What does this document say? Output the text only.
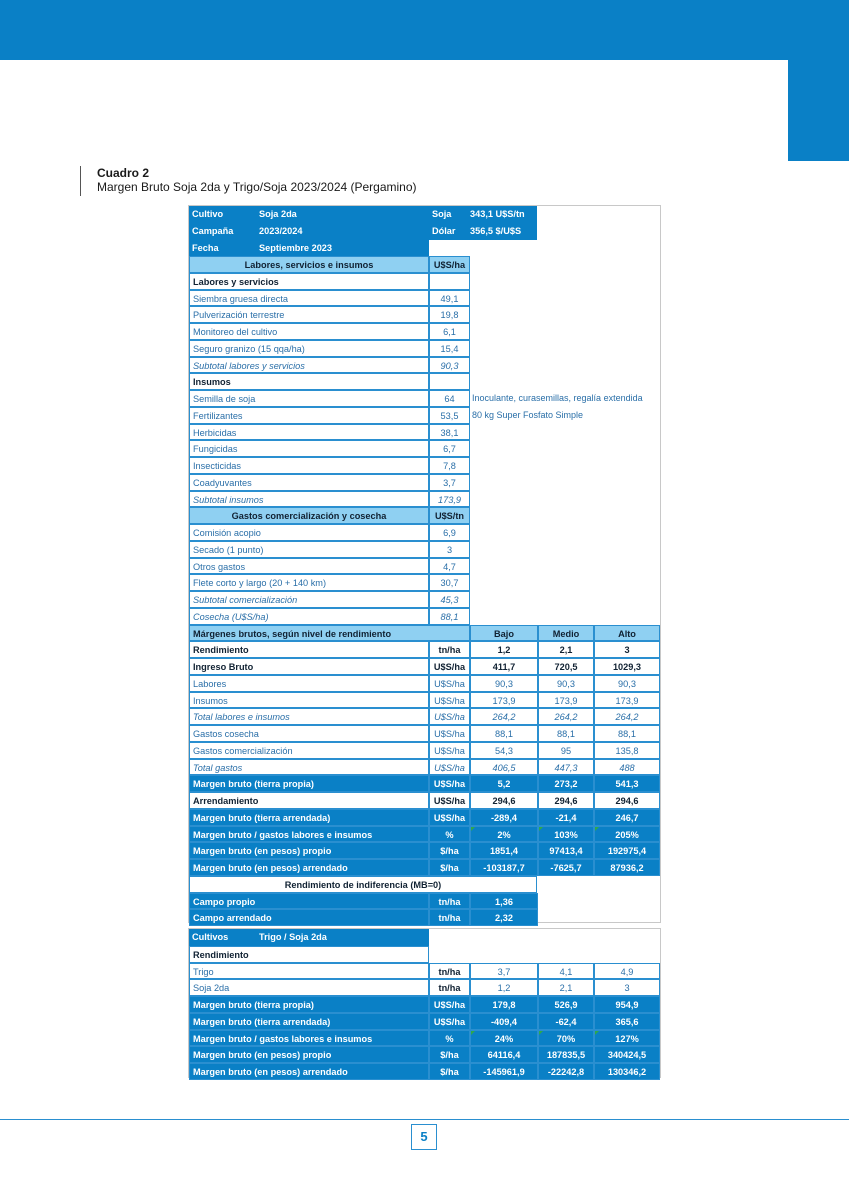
Cuadro 2
Margen Bruto Soja 2da y Trigo/Soja 2023/2024 (Pergamino)
Cultivo	Soja 2da	Soja	343,1 U$S/tn
Campaña	2023/2024	Dólar	356,5 $/U$S
Fecha	Septiembre 2023
Labores, servicios e insumos	U$S/ha
Labores y servicios
Siembra gruesa directa	49,1
Pulverización terrestre	19,8
Monitoreo del cultivo	6,1
Seguro granizo (15 qqa/ha)	15,4
Subtotal labores y servicios	90,3
Insumos
Semilla de soja	64	Inoculante, curasemillas, regalía extendida
Fertilizantes	53,5	80 kg Super Fosfato Simple
Herbicidas	38,1
Fungicidas	6,7
Insecticidas	7,8
Coadyuvantes	3,7
Subtotal insumos	173,9
Gastos comercialización y cosecha	U$S/tn
Comisión acopio	6,9
Secado (1 punto)	3
Otros gastos	4,7
Flete corto y largo (20 + 140 km)	30,7
Subtotal comercialización	45,3
Cosecha (U$S/ha)	88,1
Márgenes brutos, según nivel de rendimiento	Bajo	Medio	Alto
Rendimiento	tn/ha	1,2	2,1	3
Ingreso Bruto	U$S/ha	411,7	720,5	1029,3
Labores	U$S/ha	90,3	90,3	90,3
Insumos	U$S/ha	173,9	173,9	173,9
Total labores e insumos	U$S/ha	264,2	264,2	264,2
Gastos cosecha	U$S/ha	88,1	88,1	88,1
Gastos comercialización	U$S/ha	54,3	95	135,8
Total gastos	U$S/ha	406,5	447,3	488
Margen bruto (tierra propia)	U$S/ha	5,2	273,2	541,3
Arrendamiento	U$S/ha	294,6	294,6	294,6
Margen bruto (tierra arrendada)	U$S/ha	-289,4	-21,4	246,7
Margen bruto / gastos labores e insumos	%	2%	103%	205%
Margen bruto (en pesos) propio	$/ha	1851,4	97413,4	192975,4
Margen bruto (en pesos) arrendado	$/ha	-103187,7	-7625,7	87936,2
Rendimiento de indiferencia (MB=0)
Campo propio	tn/ha	1,36
Campo arrendado	tn/ha	2,32
Cultivos	Trigo / Soja 2da
Rendimiento
Trigo	tn/ha	3,7	4,1	4,9
Soja 2da	tn/ha	1,2	2,1	3
Margen bruto (tierra propia)	U$S/ha	179,8	526,9	954,9
Margen bruto (tierra arrendada)	U$S/ha	-409,4	-62,4	365,6
Margen bruto / gastos labores e insumos	%	24%	70%	127%
Margen bruto (en pesos) propio	$/ha	64116,4	187835,5	340424,5
Margen bruto (en pesos) arrendado	$/ha	-145961,9	-22242,8	130346,2
5
